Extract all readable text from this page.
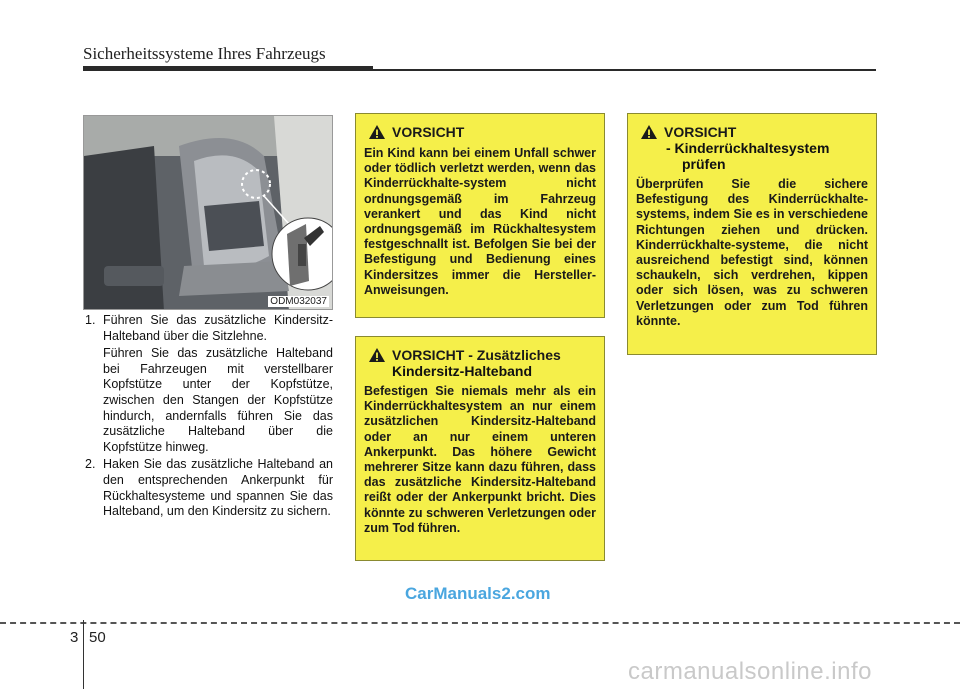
Sicherheitssysteme Ihres Fahrzeugs
ODM032037
1. Führen Sie das zusätzliche Kindersitz-Halteband über die Sitzlehne.

Führen Sie das zusätzliche Halteband bei Fahrzeugen mit verstellbarer Kopfstütze unter der Kopfstütze, zwischen den Stangen der Kopfstütze hindurch, andernfalls führen Sie das zusätzliche Halteband über die Kopfstütze hinweg.

2. Haken Sie das zusätzliche Halteband an den entsprechenden Ankerpunkt für Rückhaltesysteme und spannen Sie das Halteband, um den Kindersitz zu sichern.

VORSICHT
Ein Kind kann bei einem Unfall schwer oder tödlich verletzt werden, wenn das Kinderrückhalte-system nicht ordnungsgemäß im Fahrzeug verankert und das Kind nicht ordnungsgemäß im Rückhaltesystem festgeschnallt ist. Befolgen Sie bei der Befestigung und Bedienung eines Kindersitzes immer die Hersteller-Anweisungen.
VORSICHT - Zusätzliches
Kindersitz-Halteband
Befestigen Sie niemals mehr als ein Kinderrückhaltesystem an nur einem zusätzlichen Kindersitz-Halteband oder an nur einem unteren Ankerpunkt. Das höhere Gewicht mehrerer Sitze kann dazu führen, dass das zusätzliche Kindersitz-Halteband reißt oder der Ankerpunkt bricht. Dies könnte zu schweren Verletzungen oder zum Tod führen.
VORSICHT
- Kinderrückhaltesystem
prüfen
Überprüfen Sie die sichere Befestigung des Kinderrückhalte-systems, indem Sie es in verschiedene Richtungen ziehen und drücken. Kinderrückhalte-systeme, die nicht ausreichend befestigt sind, können schaukeln, sich verdrehen, kippen oder sich lösen, was zu schweren Verletzungen oder zum Tod führen könnte.
CarManuals2.com
3 50
carmanualsonline.info
